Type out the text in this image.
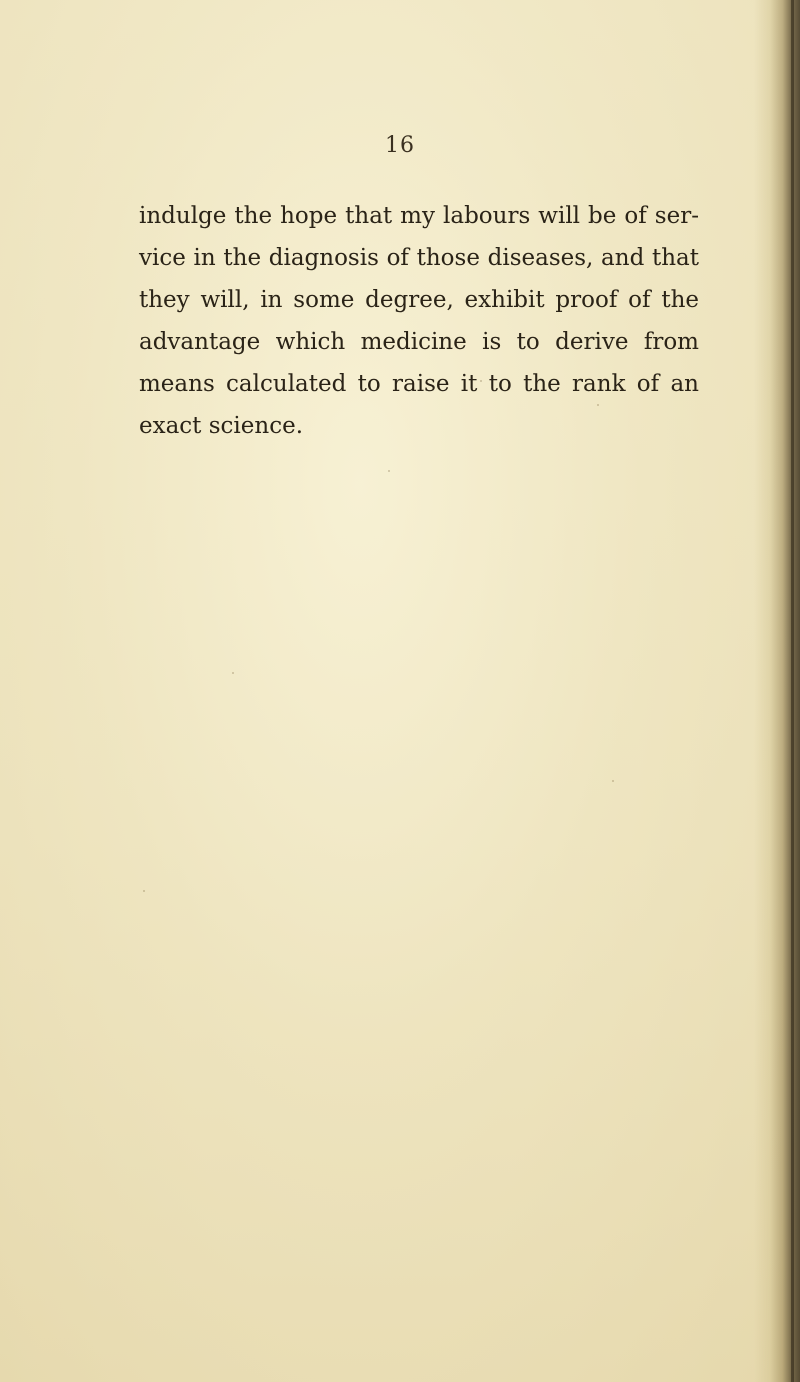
16
indulge the hope that my labours will be of ser-
vice in the diagnosis of those diseases, and that
they will, in some degree, exhibit proof of the
advantage which medicine is to derive from
means calculated to raise it to the rank of an
exact science.
